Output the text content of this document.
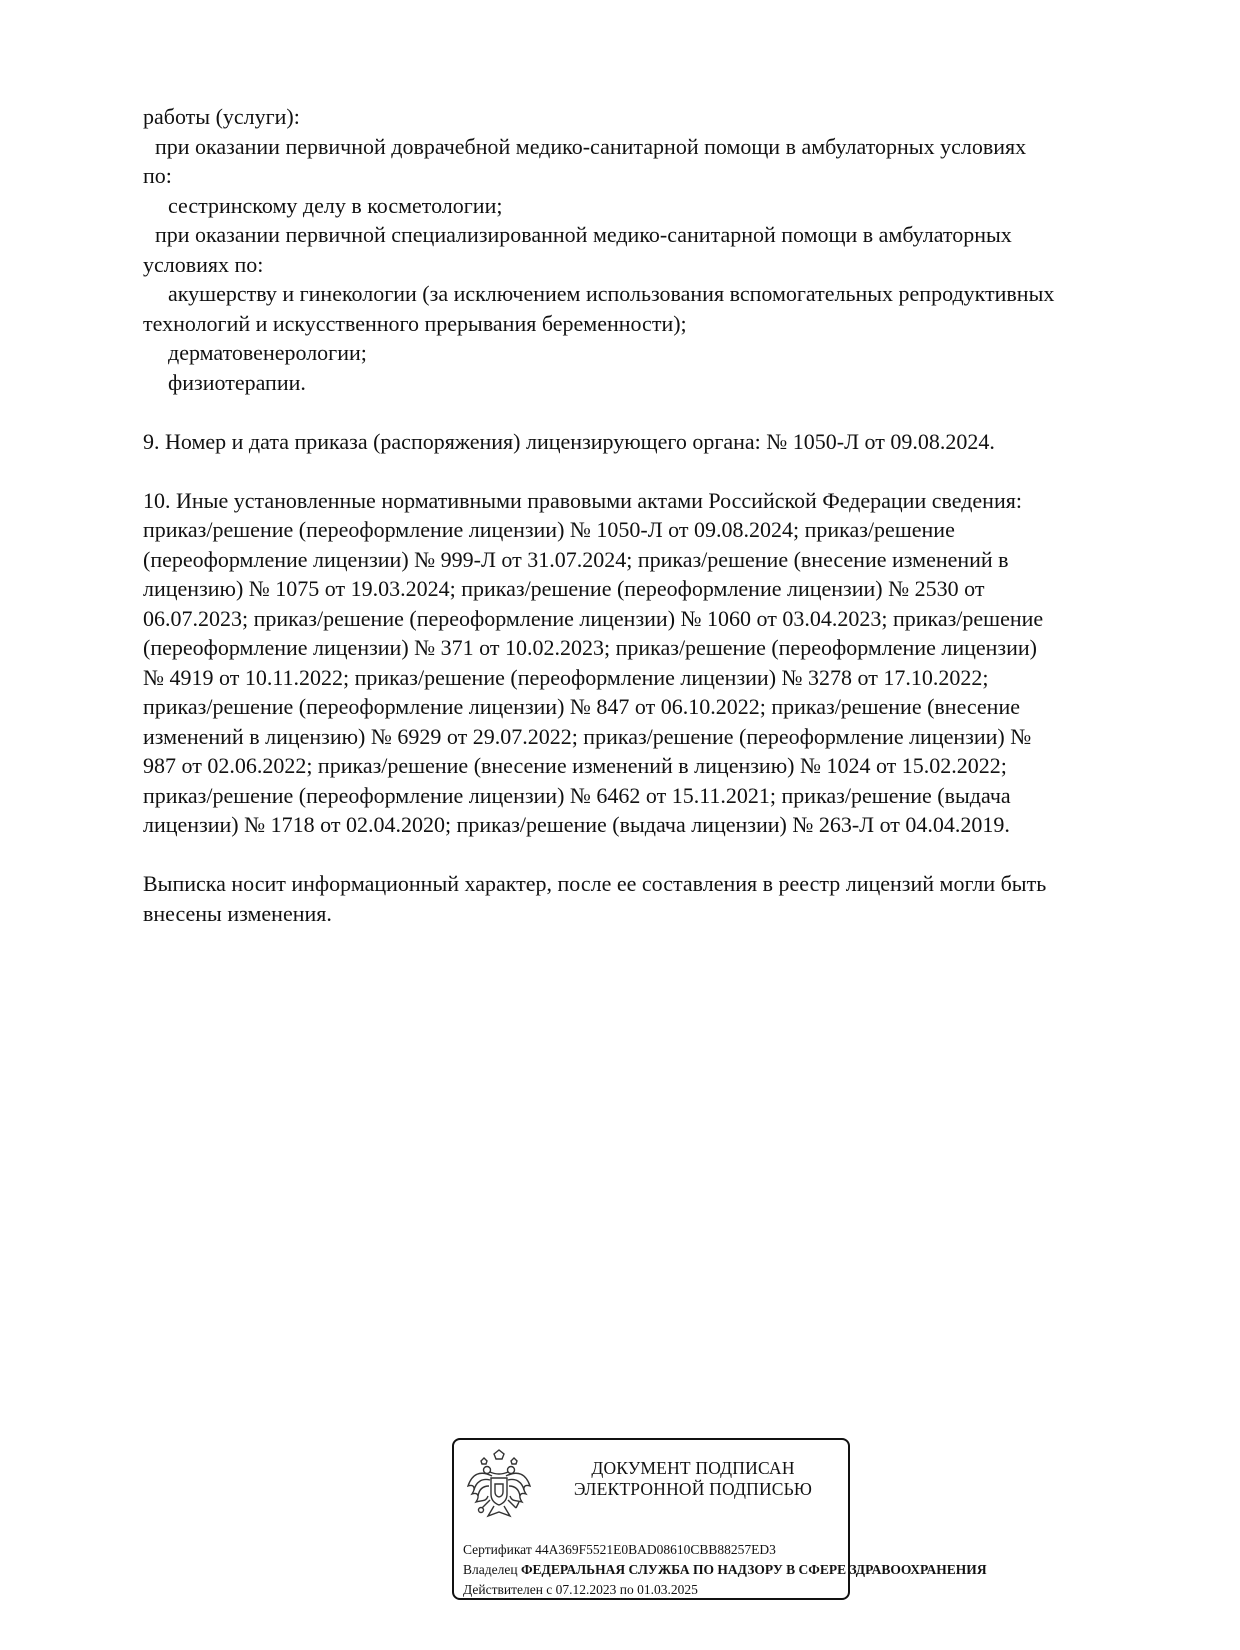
работы (услуги):
при оказании первичной доврачебной медико-санитарной помощи в амбулаторных условиях
по:
сестринскому делу в косметологии;
при оказании первичной специализированной медико-санитарной помощи в амбулаторных
условиях по:
акушерству и гинекологии (за исключением использования вспомогательных репродуктивных
технологий и искусственного прерывания беременности);
дерматовенерологии;
физиотерапии.
9. Номер и дата приказа (распоряжения) лицензирующего органа: № 1050-Л от 09.08.2024.
10. Иные установленные нормативными правовыми актами Российской Федерации сведения:
приказ/решение (переоформление лицензии) № 1050-Л от 09.08.2024; приказ/решение
(переоформление лицензии) № 999-Л от 31.07.2024; приказ/решение (внесение изменений в
лицензию) № 1075 от 19.03.2024; приказ/решение (переоформление лицензии) № 2530 от
06.07.2023; приказ/решение (переоформление лицензии) № 1060 от 03.04.2023; приказ/решение
(переоформление лицензии) № 371 от 10.02.2023; приказ/решение (переоформление лицензии)
№ 4919 от 10.11.2022; приказ/решение (переоформление лицензии) № 3278 от 17.10.2022;
приказ/решение (переоформление лицензии) № 847 от 06.10.2022; приказ/решение (внесение
изменений в лицензию) № 6929 от 29.07.2022; приказ/решение (переоформление лицензии) №
987 от 02.06.2022; приказ/решение (внесение изменений в лицензию) № 1024 от 15.02.2022;
приказ/решение (переоформление лицензии) № 6462 от 15.11.2021; приказ/решение (выдача
лицензии) № 1718 от 02.04.2020; приказ/решение (выдача лицензии) № 263-Л от 04.04.2019.
Выписка носит информационный характер, после ее составления в реестр лицензий могли быть
внесены изменения.
ДОКУМЕНТ ПОДПИСАН
ЭЛЕКТРОННОЙ ПОДПИСЬЮ
Сертификат 44A369F5521E0BAD08610CBB88257ED3
Владелец ФЕДЕРАЛЬНАЯ СЛУЖБА ПО НАДЗОРУ В СФЕРЕ ЗДРАВООХРАНЕНИЯ
Действителен с 07.12.2023 по 01.03.2025
